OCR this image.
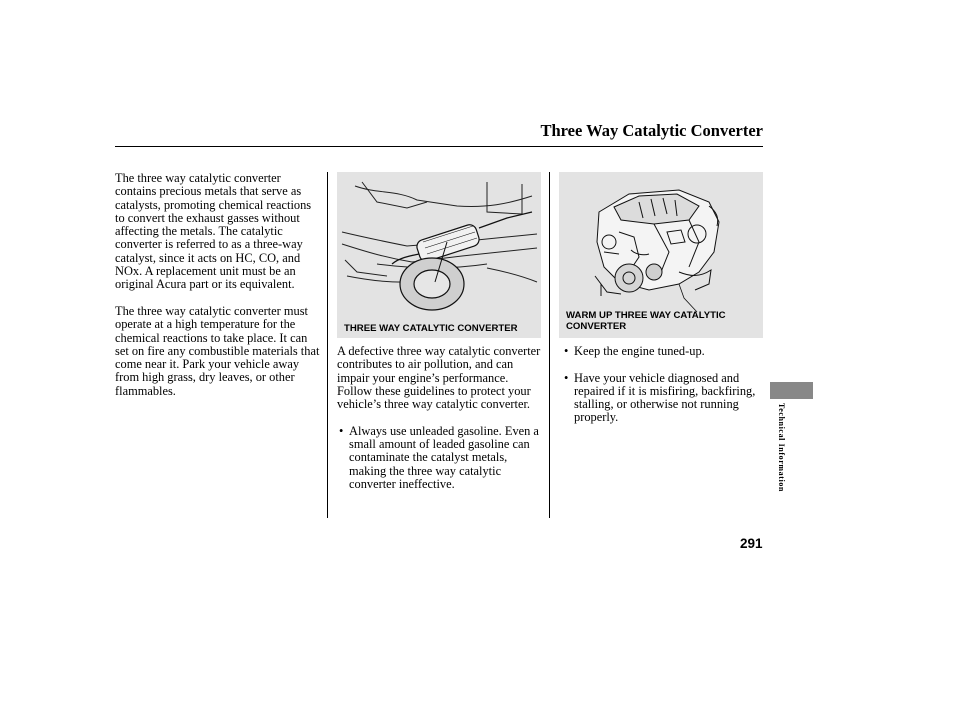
Three Way Catalytic Converter

The three way catalytic converter contains precious metals that serve as catalysts, promoting chemical reactions to convert the exhaust gasses without affecting the metals. The catalytic converter is referred to as a three-way catalyst, since it acts on HC, CO, and NOx. A replacement unit must be an original Acura part or its equivalent.

The three way catalytic converter must operate at a high temperature for the chemical reactions to take place. It can set on fire any combustible materials that come near it. Park your vehicle away from high grass, dry leaves, or other flammables.

THREE WAY CATALYTIC CONVERTER
WARM UP THREE WAY CATALYTIC CONVERTER

A defective three way catalytic converter contributes to air pollution, and can impair your engine’s performance. Follow these guidelines to protect your vehicle’s three way catalytic converter.

• Always use unleaded gasoline. Even a small amount of leaded gasoline can contaminate the catalyst metals, making the three way catalytic converter ineffective.

• Keep the engine tuned-up.

• Have your vehicle diagnosed and repaired if it is misfiring, backfiring, stalling, or otherwise not running properly.	Technical Information
291
